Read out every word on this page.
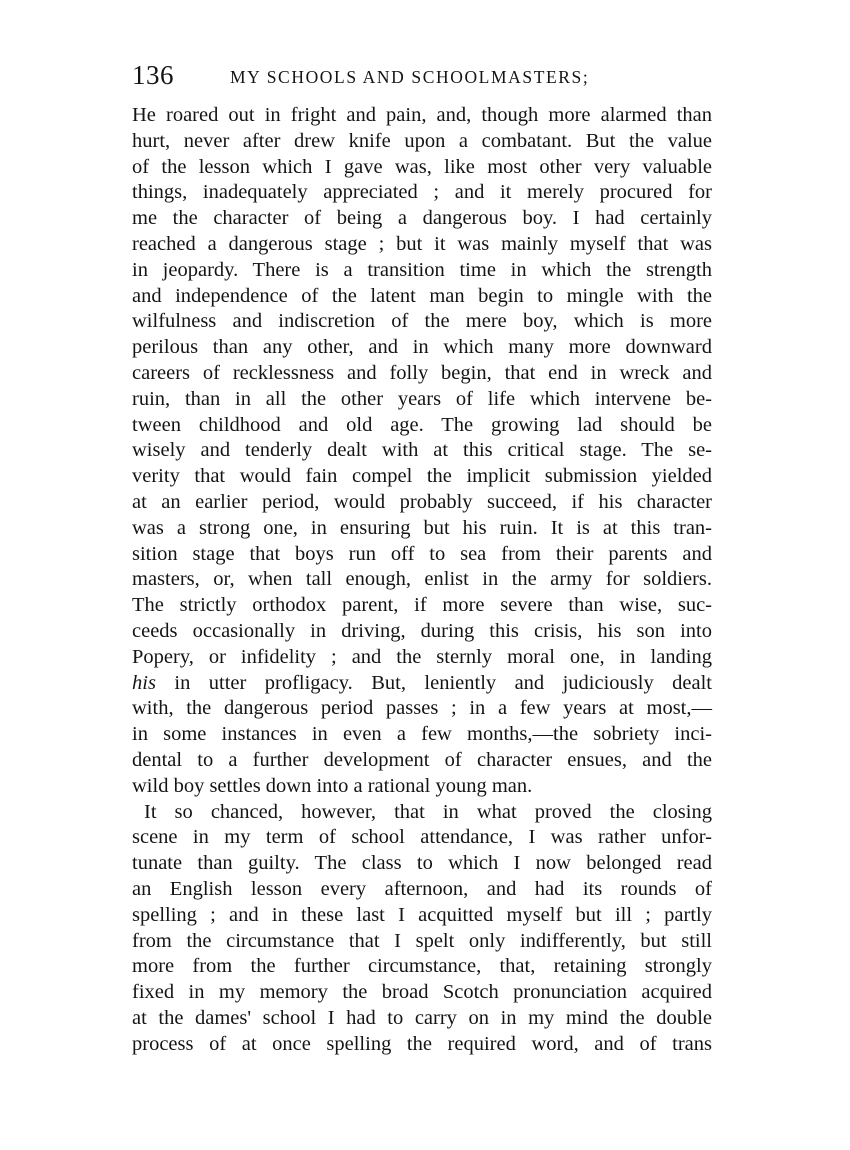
136	MY SCHOOLS AND SCHOOLMASTERS;

He roared out in fright and pain, and, though more alarmed than
hurt, never after drew knife upon a combatant. But the value
of the lesson which I gave was, like most other very valuable
things, inadequately appreciated ; and it merely procured for
me the character of being a dangerous boy. I had certainly
reached a dangerous stage ; but it was mainly myself that was
in jeopardy. There is a transition time in which the strength
and independence of the latent man begin to mingle with the
wilfulness and indiscretion of the mere boy, which is more
perilous than any other, and in which many more downward
careers of recklessness and folly begin, that end in wreck and
ruin, than in all the other years of life which intervene be-
tween childhood and old age. The growing lad should be
wisely and tenderly dealt with at this critical stage. The se-
verity that would fain compel the implicit submission yielded
at an earlier period, would probably succeed, if his character
was a strong one, in ensuring but his ruin. It is at this tran-
sition stage that boys run off to sea from their parents and
masters, or, when tall enough, enlist in the army for soldiers.
The strictly orthodox parent, if more severe than wise, suc-
ceeds occasionally in driving, during this crisis, his son into
Popery, or infidelity ; and the sternly moral one, in landing
his in utter profligacy. But, leniently and judiciously dealt
with, the dangerous period passes ; in a few years at most,—
in some instances in even a few months,—the sobriety inci-
dental to a further development of character ensues, and the
wild boy settles down into a rational young man.

It so chanced, however, that in what proved the closing
scene in my term of school attendance, I was rather unfor-
tunate than guilty. The class to which I now belonged read
an English lesson every afternoon, and had its rounds of
spelling ; and in these last I acquitted myself but ill ; partly
from the circumstance that I spelt only indifferently, but still
more from the further circumstance, that, retaining strongly
fixed in my memory the broad Scotch pronunciation acquired
at the dames' school I had to carry on in my mind the double
process of at once spelling the required word, and of trans
